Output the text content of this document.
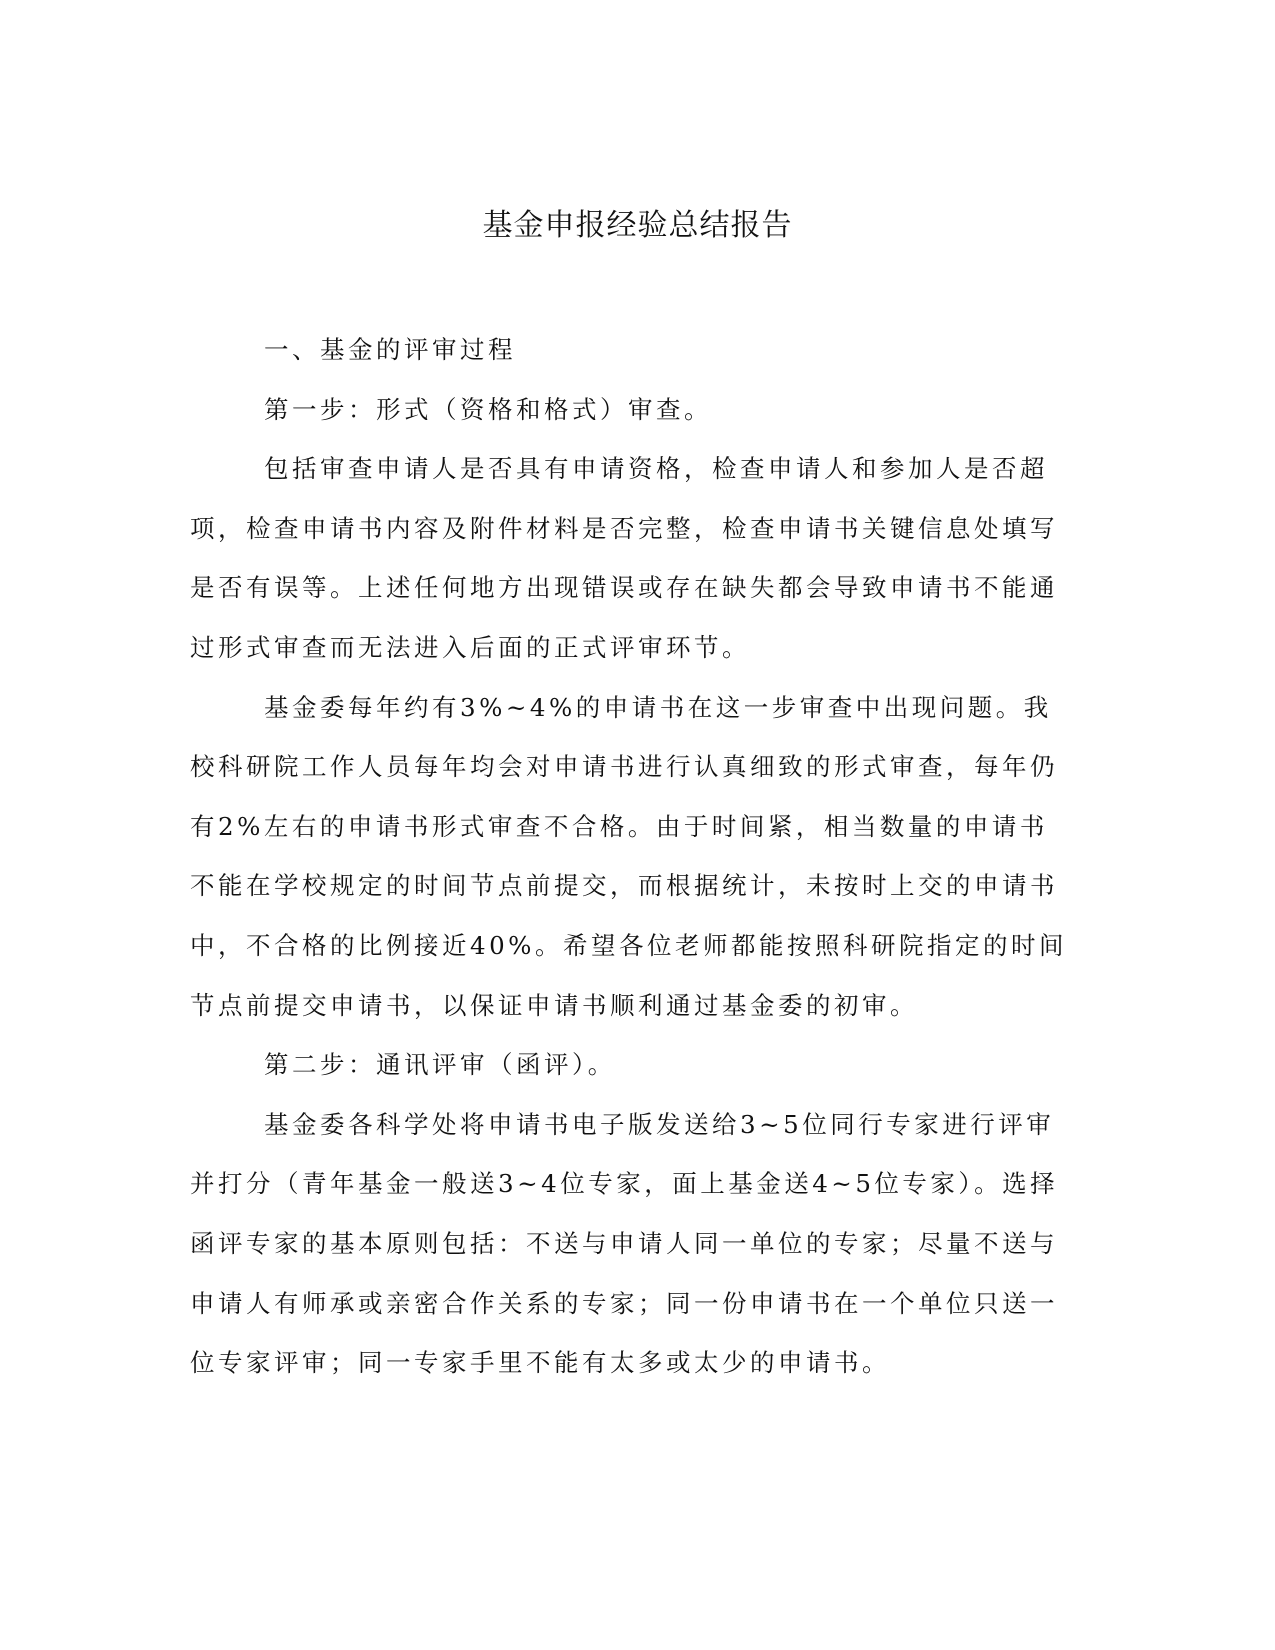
基金申报经验总结报告

一、基金的评审过程

第一步：形式（资格和格式）审查。

包括审查申请人是否具有申请资格，检查申请人和参加人是否超项，检查申请书内容及附件材料是否完整，检查申请书关键信息处填写是否有误等。上述任何地方出现错误或存在缺失都会导致申请书不能通过形式审查而无法进入后面的正式评审环节。

基金委每年约有3%~4%的申请书在这一步审查中出现问题。我校科研院工作人员每年均会对申请书进行认真细致的形式审查，每年仍有2%左右的申请书形式审查不合格。由于时间紧，相当数量的申请书不能在学校规定的时间节点前提交，而根据统计，未按时上交的申请书中，不合格的比例接近40%。希望各位老师都能按照科研院指定的时间节点前提交申请书，以保证申请书顺利通过基金委的初审。

第二步：通讯评审（函评）。

基金委各科学处将申请书电子版发送给3~5位同行专家进行评审并打分（青年基金一般送3~4位专家，面上基金送4~5位专家）。选择函评专家的基本原则包括：不送与申请人同一单位的专家；尽量不送与申请人有师承或亲密合作关系的专家；同一份申请书在一个单位只送一位专家评审；同一专家手里不能有太多或太少的申请书。
